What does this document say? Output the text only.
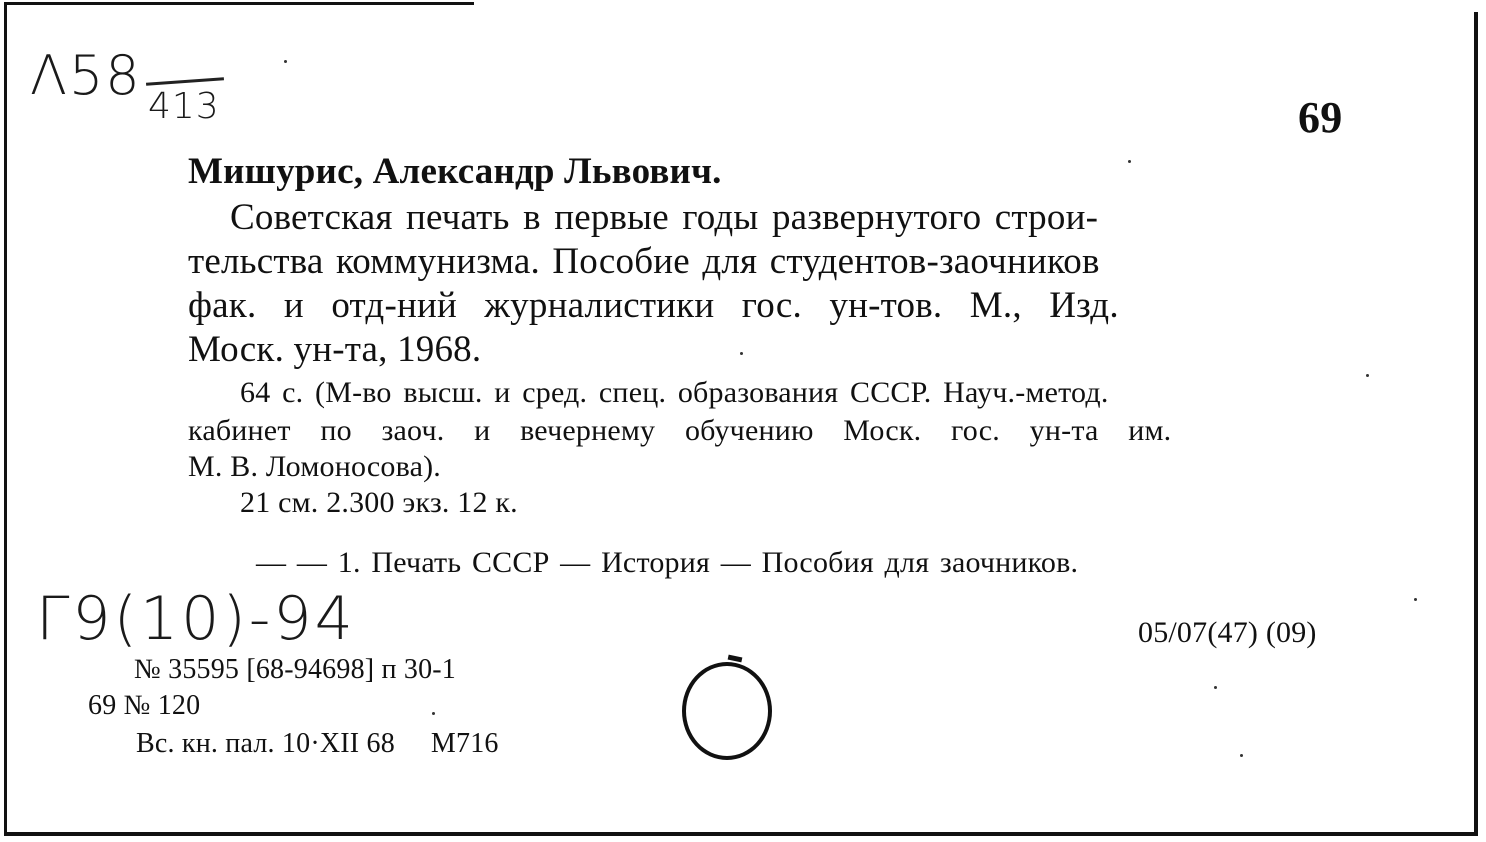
Λ58 413	69
Мишурис, Александр Львович.
Советская печать в первые годы развернутого строи-
тельства коммунизма. Пособие для студентов-заочников
фак. и отд-ний журналистики гос. ун-тов. М., Изд.
Моск. ун-та, 1968.
64 с. (М-во высш. и сред. спец. образования СССР. Науч.-метод.
кабинет по заоч. и вечернему обучению Моск. гос. ун-та им.
М. В. Ломоносова).
21 см. 2.300 экз. 12 к.
— — 1. Печать СССР — История — Пособия для заочников.
Г9(10)-94	05/07(47) (09)
№ 35595 [68-94698] п 30-1
69 № 120
Вс. кн. пал. 10·XII 68     М716
